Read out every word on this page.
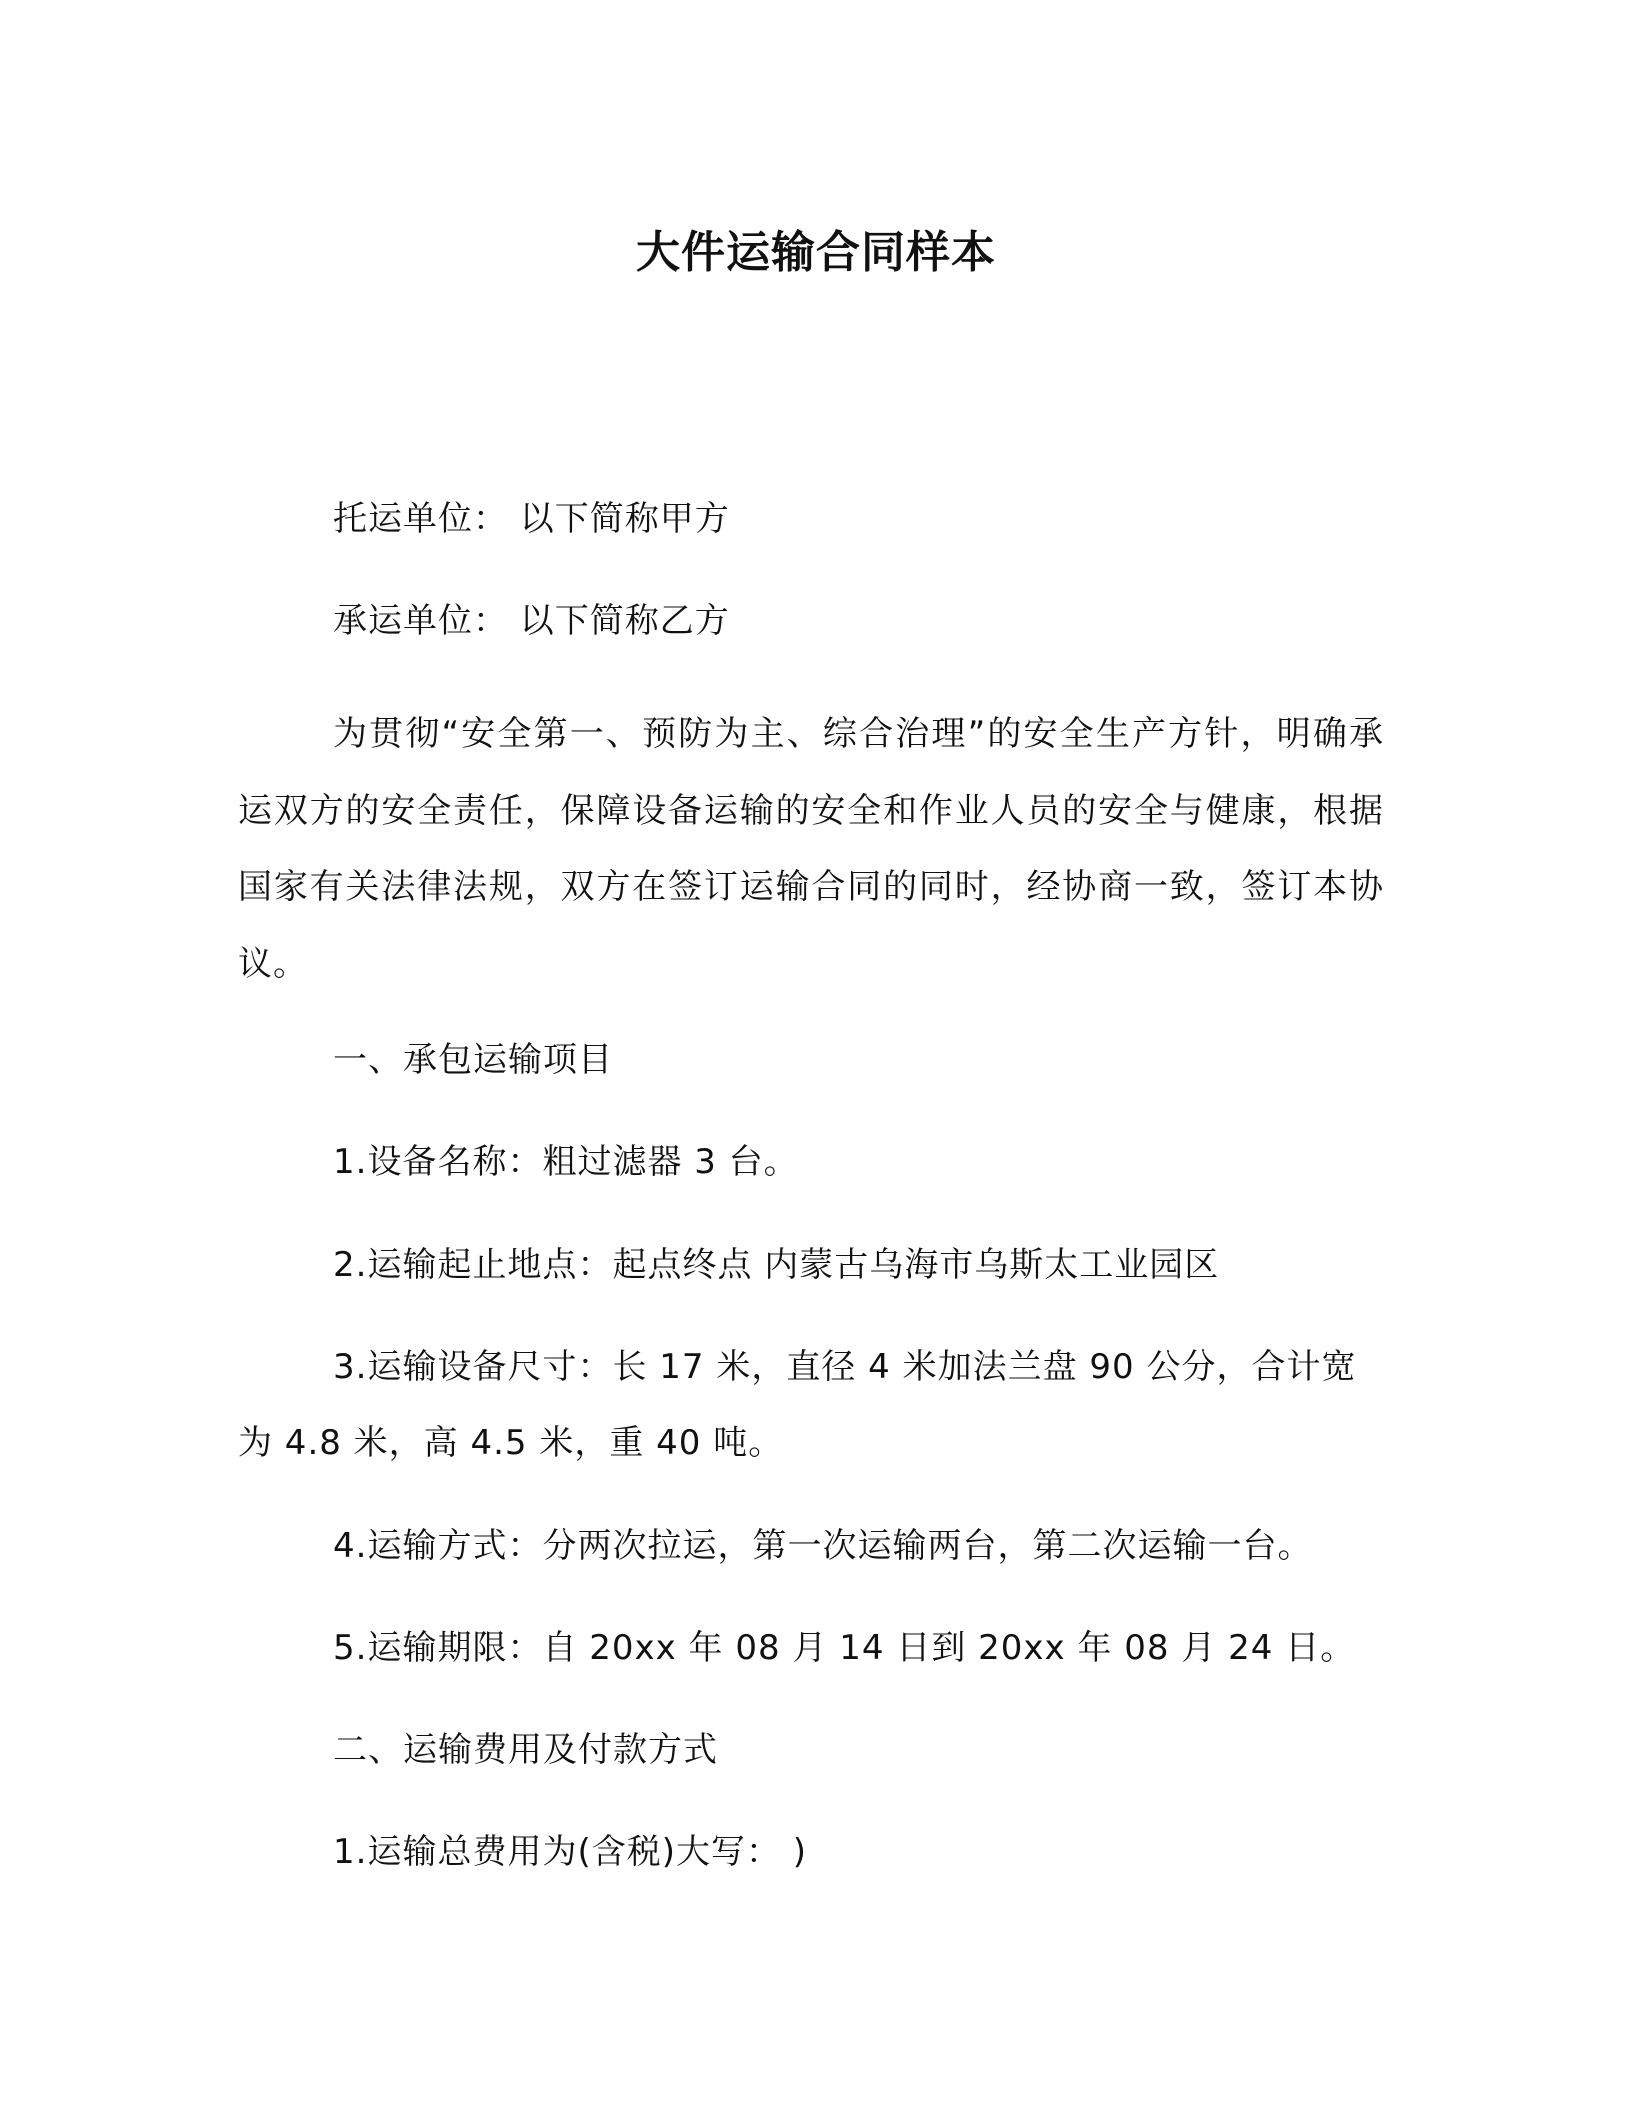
大件运输合同样本
托运单位： 以下简称甲方
承运单位： 以下简称乙方
为贯彻“安全第一、预防为主、综合治理”的安全生产方针，明确承运双方的安全责任，保障设备运输的安全和作业人员的安全与健康，根据国家有关法律法规，双方在签订运输合同的同时，经协商一致，签订本协议。
一、承包运输项目
1.设备名称：粗过滤器 3 台。
2.运输起止地点：起点终点 内蒙古乌海市乌斯太工业园区
3.运输设备尺寸：长 17 米，直径 4 米加法兰盘 90 公分，合计宽
为 4.8 米，高 4.5 米，重 40 吨。
4.运输方式：分两次拉运，第一次运输两台，第二次运输一台。
5.运输期限：自 20xx 年 08 月 14 日到 20xx 年 08 月 24 日。
二、运输费用及付款方式
1.运输总费用为(含税)大写： )
